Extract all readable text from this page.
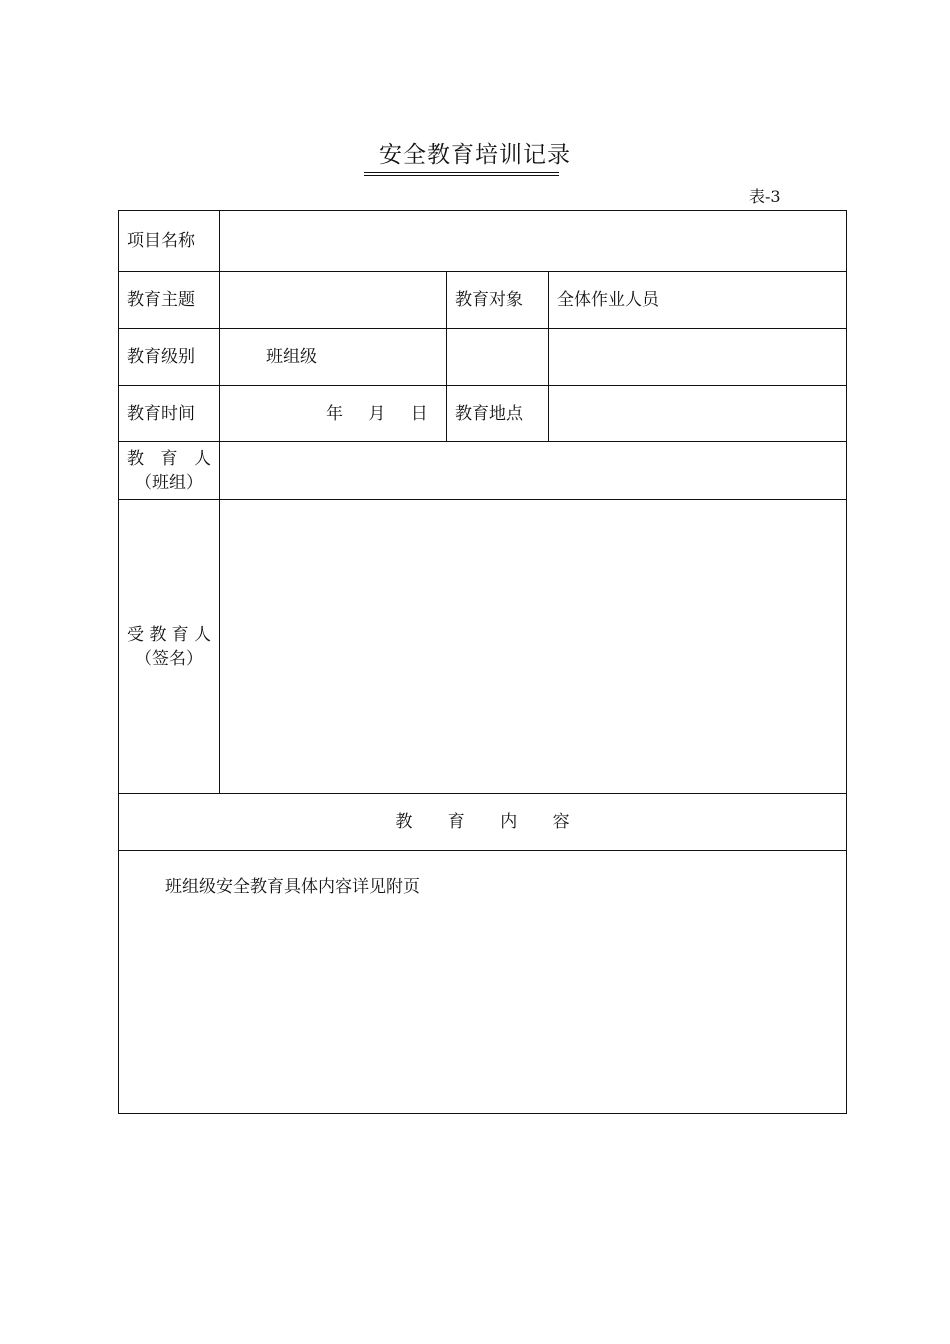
安全教育培训记录
表-3
项目名称			
教育主题		教育对象	全体作业人员
教育级别	班组级		
教育时间	年 月 日	教育地点	

教 育 人
（班组）			

受教育人
（签名）			

教 育 内 容			
班组级安全教育具体内容详见附页			
